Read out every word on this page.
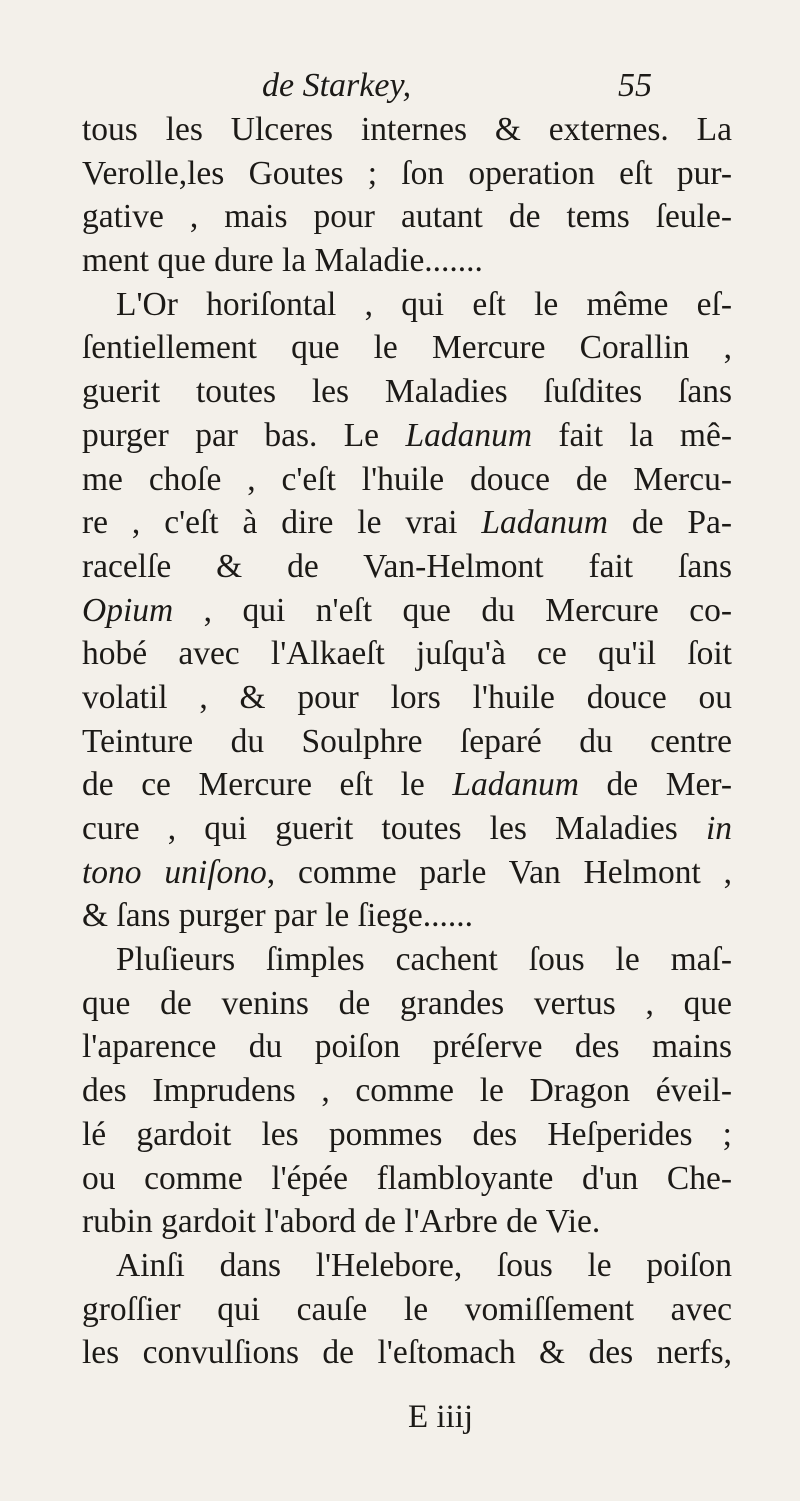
de Starkey,	55
tous les Ulceres internes & externes. La
Verolle,les Goutes ; ſon operation eſt pur-
gative , mais pour autant de tems ſeule-
ment que dure la Maladie.......
L'Or horiſontal , qui eſt le même eſ-
ſentiellement que le Mercure Corallin ,
guerit toutes les Maladies ſuſdites ſans
purger par bas. Le Ladanum fait la mê-
me choſe , c'eſt l'huile douce de Mercu-
re , c'eſt à dire le vrai Ladanum de Pa-
racelſe & de Van-Helmont fait ſans
Opium , qui n'eſt que du Mercure co-
hobé avec l'Alkaeſt juſqu'à ce qu'il ſoit
volatil , & pour lors l'huile douce ou
Teinture du Soulphre ſeparé du centre
de ce Mercure eſt le Ladanum de Mer-
cure , qui guerit toutes les Maladies in
tono uniſono, comme parle Van Helmont ,
& ſans purger par le ſiege......
Pluſieurs ſimples cachent ſous le maſ-
que de venins de grandes vertus , que
l'aparence du poiſon préſerve des mains
des Imprudens , comme le Dragon éveil-
lé gardoit les pommes des Heſperides ;
ou comme l'épée flambloyante d'un Che-
rubin gardoit l'abord de l'Arbre de Vie.
Ainſi dans l'Helebore, ſous le poiſon
groſſier qui cauſe le vomiſſement avec
les convulſions de l'eſtomach & des nerfs,
E iiij
